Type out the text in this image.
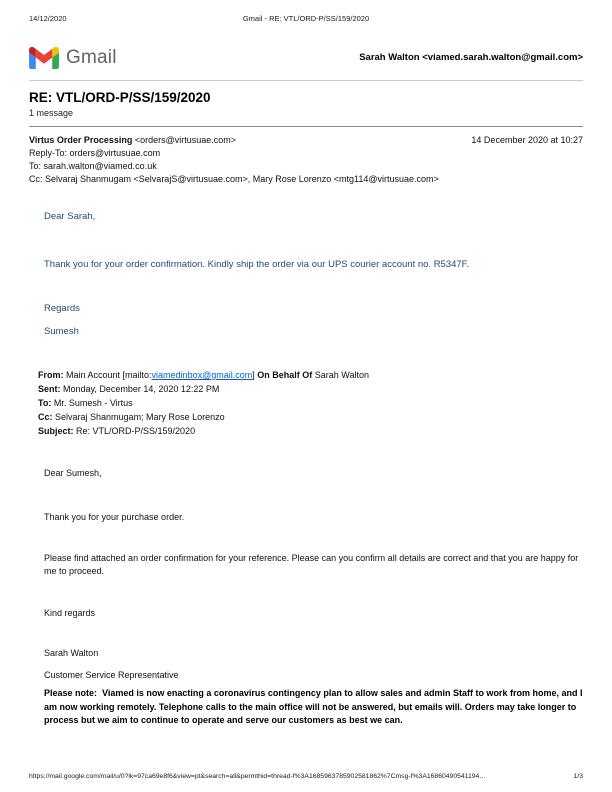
14/12/2020	Gmail - RE: VTL/ORD-P/SS/159/2020
Gmail	Sarah Walton <viamed.sarah.walton@gmail.com>
RE: VTL/ORD-P/SS/159/2020
1 message
Virtus Order Processing <orders@virtusuae.com>	14 December 2020 at 10:27
Reply-To: orders@virtusuae.com
To: sarah.walton@viamed.co.uk
Cc: Selvaraj Shanmugam <SelvarajS@virtusuae.com>, Mary Rose Lorenzo <mtg114@virtusuae.com>

Dear Sarah,

Thank you for your order confirmation. Kindly ship the order via our UPS courier account no. R5347F.

Regards

Sumesh

From: Main Account [mailto:viamedinbox@gmail.com] On Behalf Of Sarah Walton
Sent: Monday, December 14, 2020 12:22 PM
To: Mr. Sumesh - Virtus
Cc: Selvaraj Shanmugam; Mary Rose Lorenzo
Subject: Re: VTL/ORD-P/SS/159/2020

Dear Sumesh,

Thank you for your purchase order.

Please find attached an order confirmation for your reference. Please can you confirm all details are correct and that you are happy for me to proceed.

Kind regards

Sarah Walton

Customer Service Representative

Please note:  Viamed is now enacting a coronavirus contingency plan to allow sales and admin Staff to work from home, and I am now working remotely. Telephone calls to the main office will not be answered, but emails will. Orders may take longer to process but we aim to continue to operate and serve our customers as best we can.

https://mail.google.com/mail/u/0?ik=97ca69e8f6&view=pt&search=all&permthid=thread-f%3A1685963785902581862%7Cmsg-f%3A16860490541194…	1/3
